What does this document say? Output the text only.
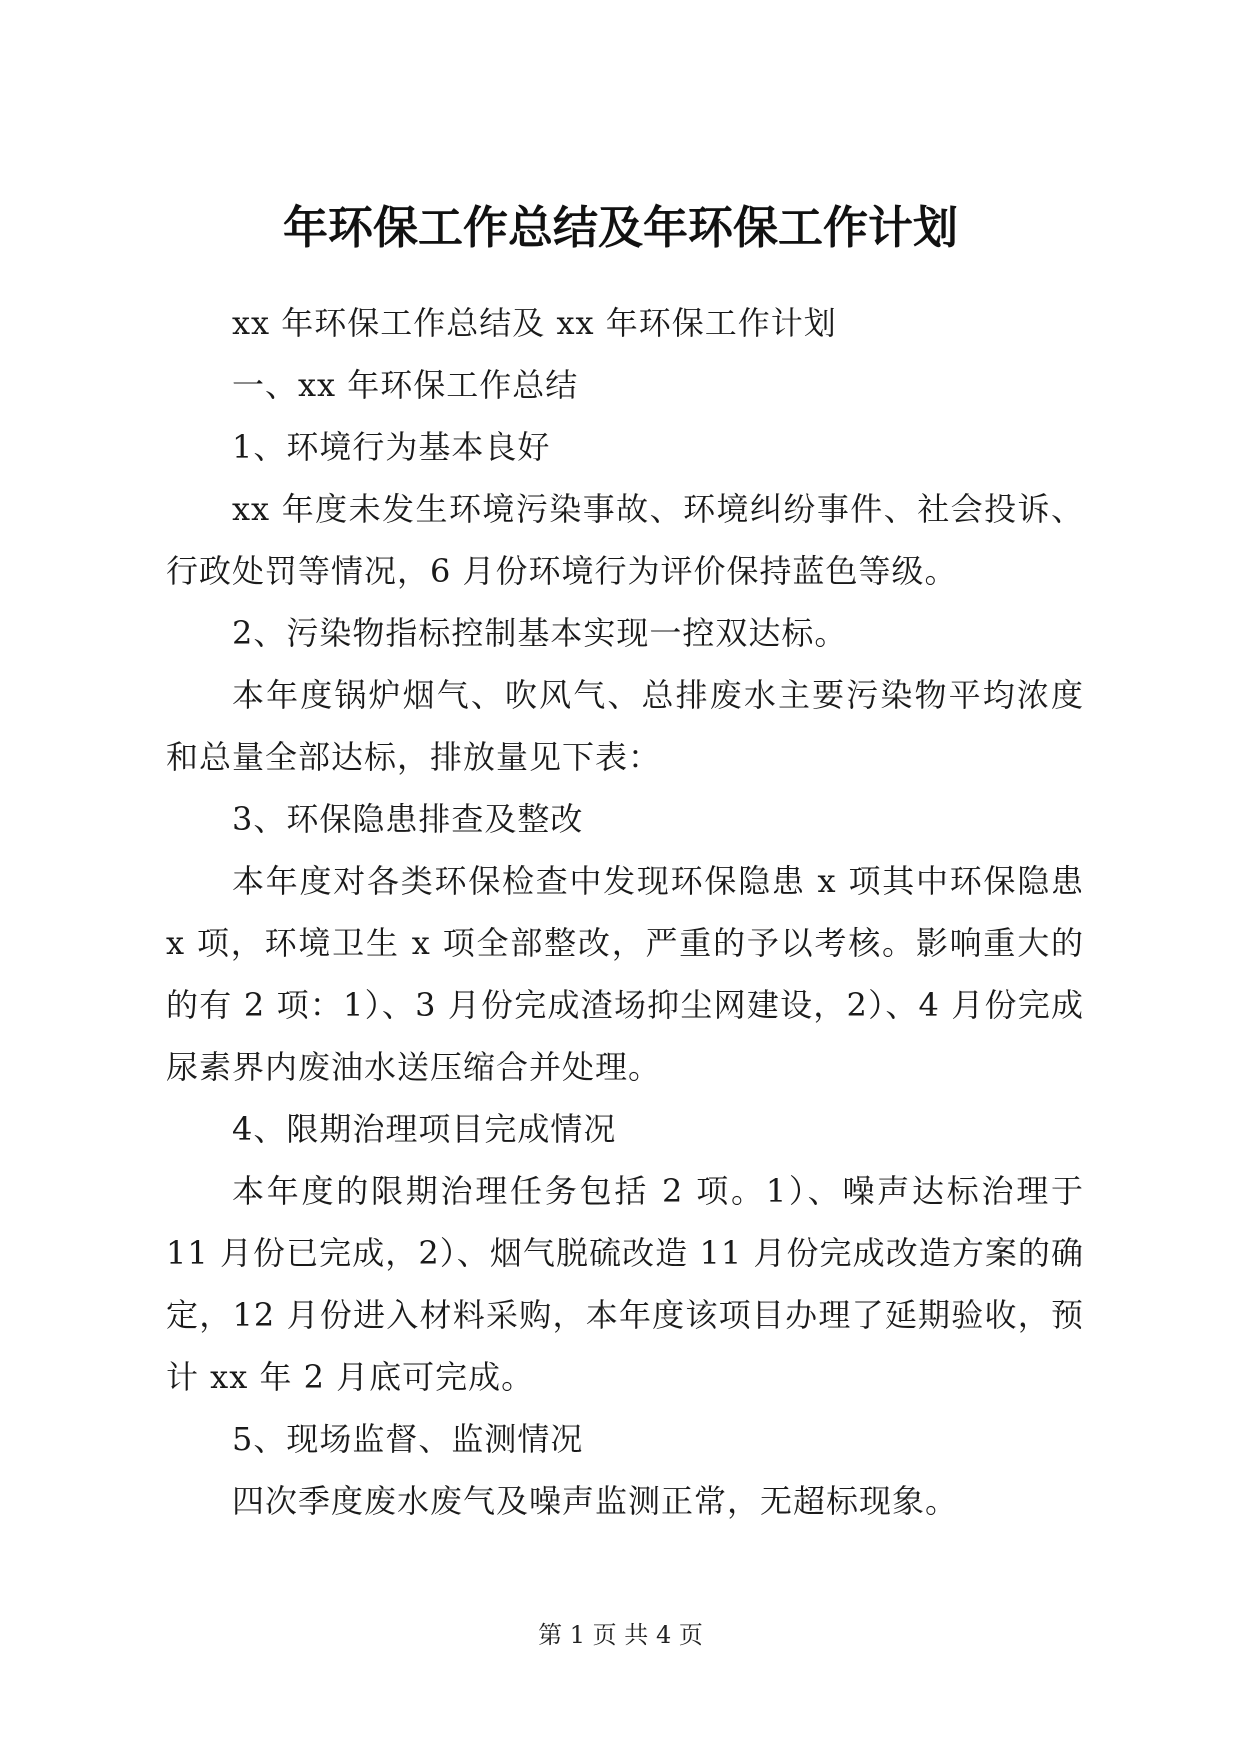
年环保工作总结及年环保工作计划

xx 年环保工作总结及 xx 年环保工作计划

一、xx 年环保工作总结

1、环境行为基本良好

xx 年度未发生环境污染事故、环境纠纷事件、社会投诉、行政处罚等情况，6 月份环境行为评价保持蓝色等级。

2、污染物指标控制基本实现一控双达标。

本年度锅炉烟气、吹风气、总排废水主要污染物平均浓度和总量全部达标，排放量见下表：

3、环保隐患排查及整改

本年度对各类环保检查中发现环保隐患 x 项其中环保隐患 x 项，环境卫生 x 项全部整改，严重的予以考核。影响重大的的有 2 项：1）、3 月份完成渣场抑尘网建设，2）、4 月份完成尿素界内废油水送压缩合并处理。

4、限期治理项目完成情况

本年度的限期治理任务包括 2 项。1）、噪声达标治理于 11 月份已完成，2）、烟气脱硫改造 11 月份完成改造方案的确定，12 月份进入材料采购，本年度该项目办理了延期验收，预计 xx 年 2 月底可完成。

5、现场监督、监测情况

四次季度废水废气及噪声监测正常，无超标现象。

第 1 页 共 4 页
